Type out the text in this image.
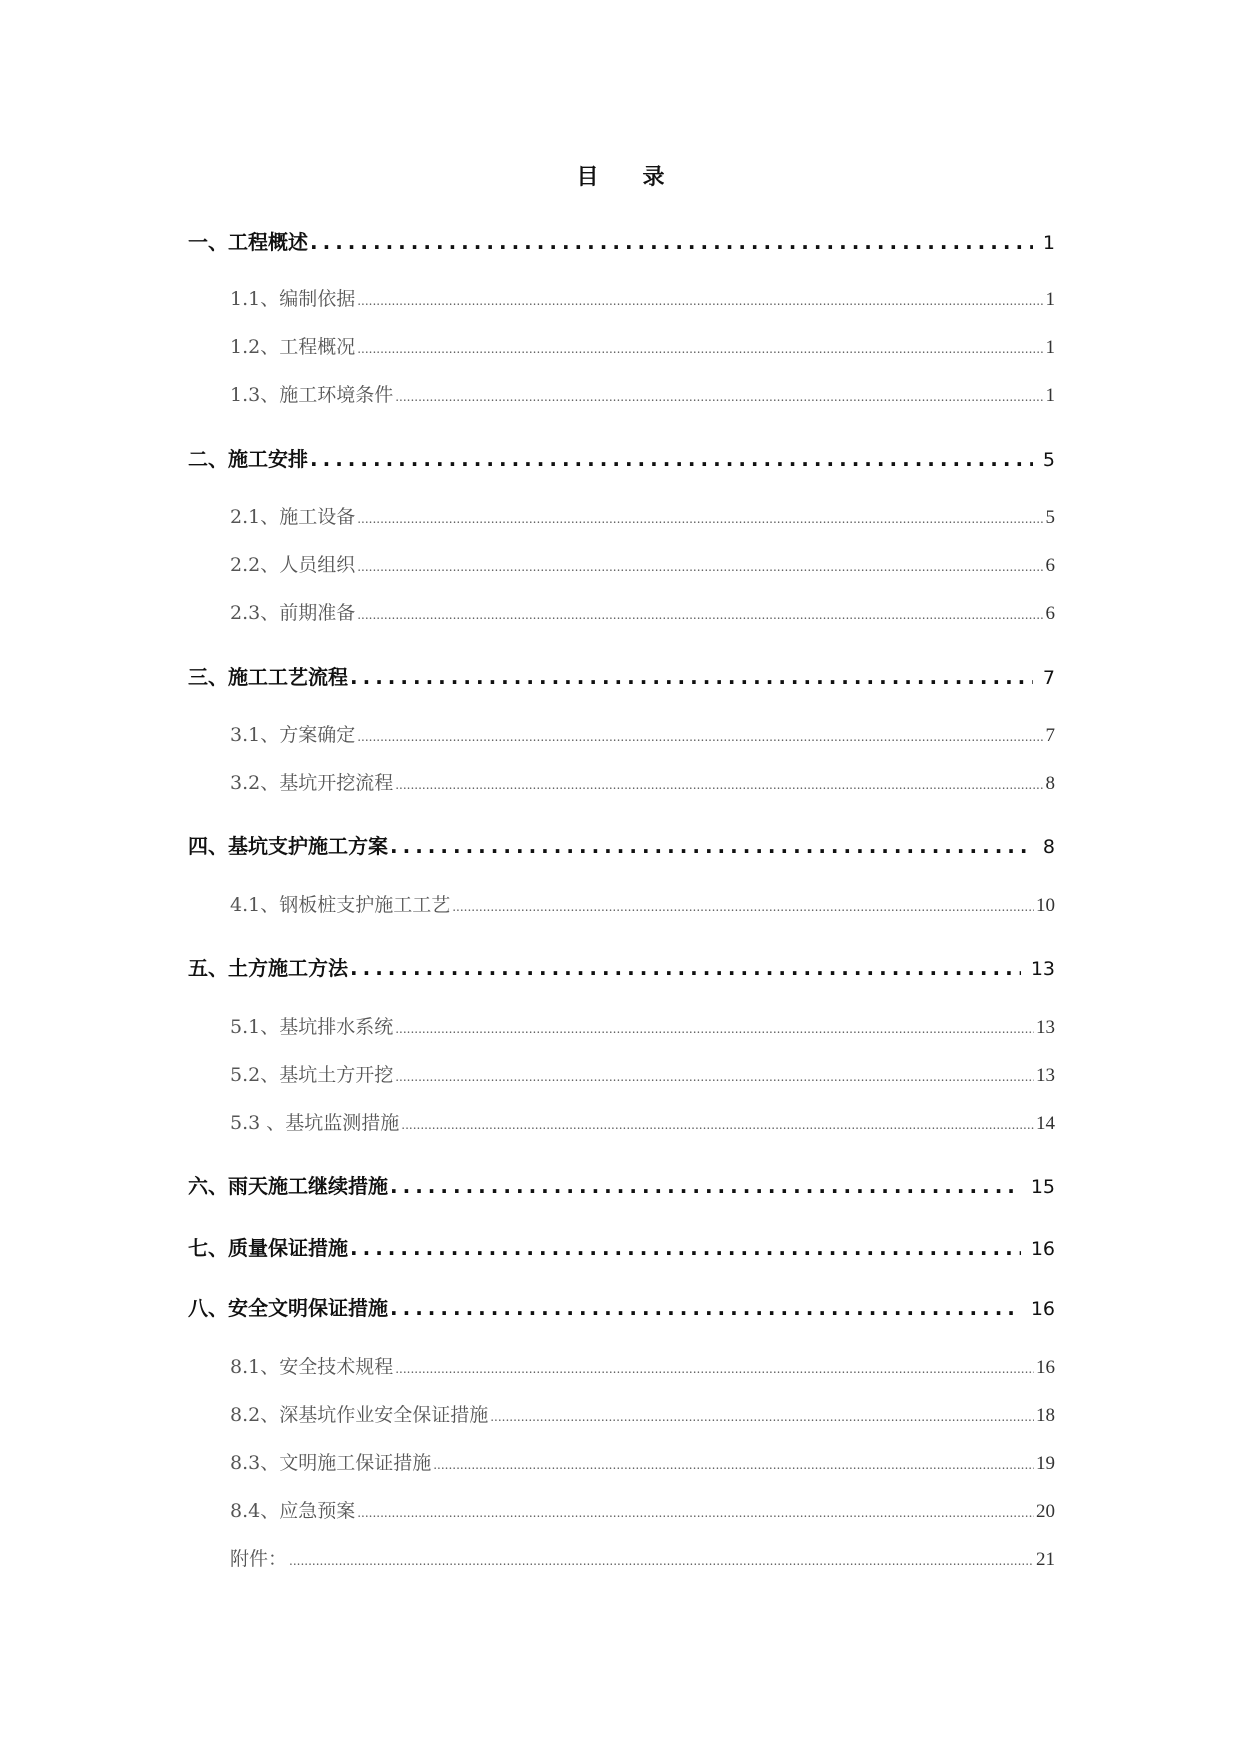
目 录
一、工程概述 .....	1
1.1、编制依据 .....	1
1.2、工程概况 .....	1
1.3、施工环境条件 .....	1
二、施工安排 .....	5
2.1、施工设备 .....	5
2.2、人员组织 .....	6
2.3、前期准备 .....	6
三、施工工艺流程 .....	7
3.1、方案确定 .....	7
3.2、基坑开挖流程 .....	8
四、基坑支护施工方案 .....	8
4.1、钢板桩支护施工工艺 .....	10
五、土方施工方法 .....	13
5.1、基坑排水系统 .....	13
5.2、基坑土方开挖 .....	13
5.3 、基坑监测措施 .....	14
六、雨天施工继续措施 .....	15
七、质量保证措施 .....	16
八、安全文明保证措施 .....	16
8.1、安全技术规程 .....	16
8.2、深基坑作业安全保证措施 .....	18
8.3、文明施工保证措施 .....	19
8.4、应急预案 .....	20
附件： .....	21
